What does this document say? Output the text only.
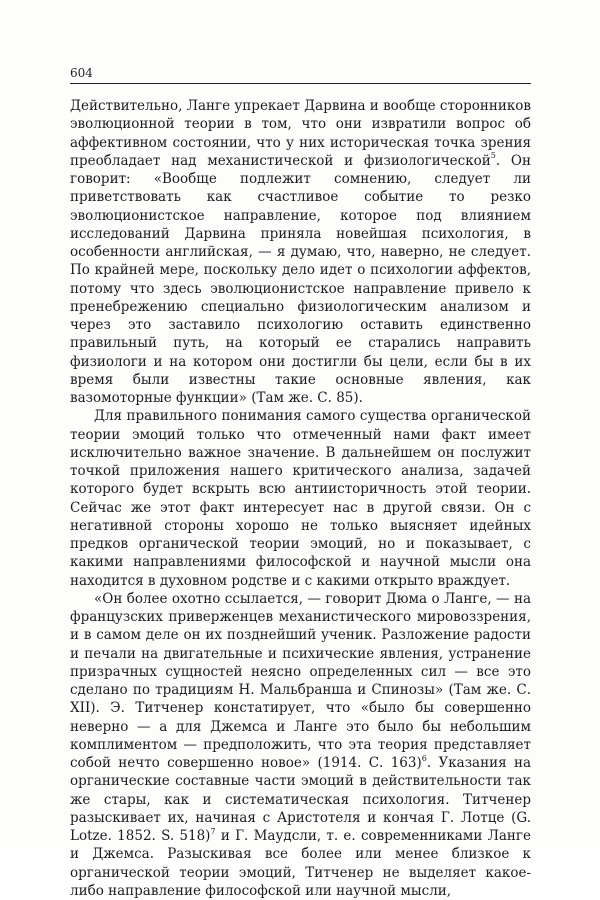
604

Действительно, Ланге упрекает Дарвина и вообще сторонников эволюционной теории в том, что они извратили вопрос об аффективном состоянии, что у них историческая точка зрения преобладает над механистической и физиологической$^5$. Он говорит: «Вообще подлежит сомнению, следует ли приветствовать как счастливое событие то резко эволюционистское направление, которое под влиянием исследований Дарвина приняла новейшая психология, в особенности английская, — я думаю, что, наверно, не следует. По крайней мере, поскольку дело идет о психологии аффектов, потому что здесь эволюционистское направление привело к пренебрежению специально физиологическим анализом и через это заставило психологию оставить единственно правильный путь, на который ее старались направить физиологи и на котором они достигли бы цели, если бы в их время были известны такие основные явления, как вазомоторные функции» (Там же. С. 85).

Для правильного понимания самого существа органической теории эмоций только что отмеченный нами факт имеет исключительно важное значение. В дальнейшем он послужит точкой приложения нашего критического анализа, задачей которого будет вскрыть всю антиисторичность этой теории. Сейчас же этот факт интересует нас в другой связи. Он с негативной стороны хорошо не только выясняет идейных предков органической теории эмоций, но и показывает, с какими направлениями философской и научной мысли она находится в духовном родстве и с какими открыто враждует.

«Он более охотно ссылается, — говорит Дюма о Ланге, — на французских приверженцев механистического мировоззрения, и в самом деле он их позднейший ученик. Разложение радости и печали на двигательные и психические явления, устранение призрачных сущностей неясно определенных сил — все это сделано по традициям Н. Мальбранша и Спинозы» (Там же. С. XII). Э. Титченер констатирует, что «было бы совершенно неверно — а для Джемса и Ланге это было бы небольшим комплиментом — предположить, что эта теория представляет собой нечто совершенно новое» (1914. С. 163)$^6$. Указания на органические составные части эмоций в действительности так же стары, как и систематическая психология. Титченер разыскивает их, начиная с Аристотеля и кончая Г. Лотце (G. Lotze. 1852. S. 518)$^7$ и Г. Маудсли, т. е. современниками Ланге и Джемса. Разыскивая все более или менее близкое к органической теории эмоций, Титченер не выделяет какое-либо направление философской или научной мысли,
